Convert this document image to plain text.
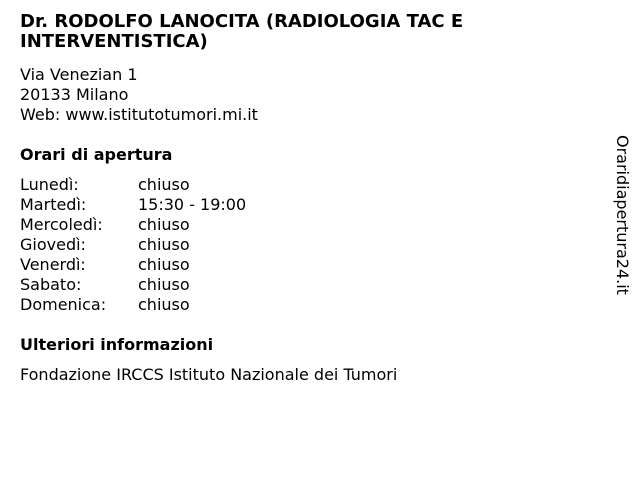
Dr. RODOLFO LANOCITA (RADIOLOGIA TAC E INTERVENTISTICA)
Via Venezian 1
20133 Milano
Web: www.istitutotumori.mi.it
Orari di apertura
Lunedì:	chiuso
Martedì:	15:30 - 19:00
Mercoledì: chiuso
Giovedì:	chiuso
Venerdì:	chiuso
Sabato:	chiuso
Domenica: chiuso
Ulteriori informazioni
Fondazione IRCCS Istituto Nazionale dei Tumori
Oraridiapertura24.it
